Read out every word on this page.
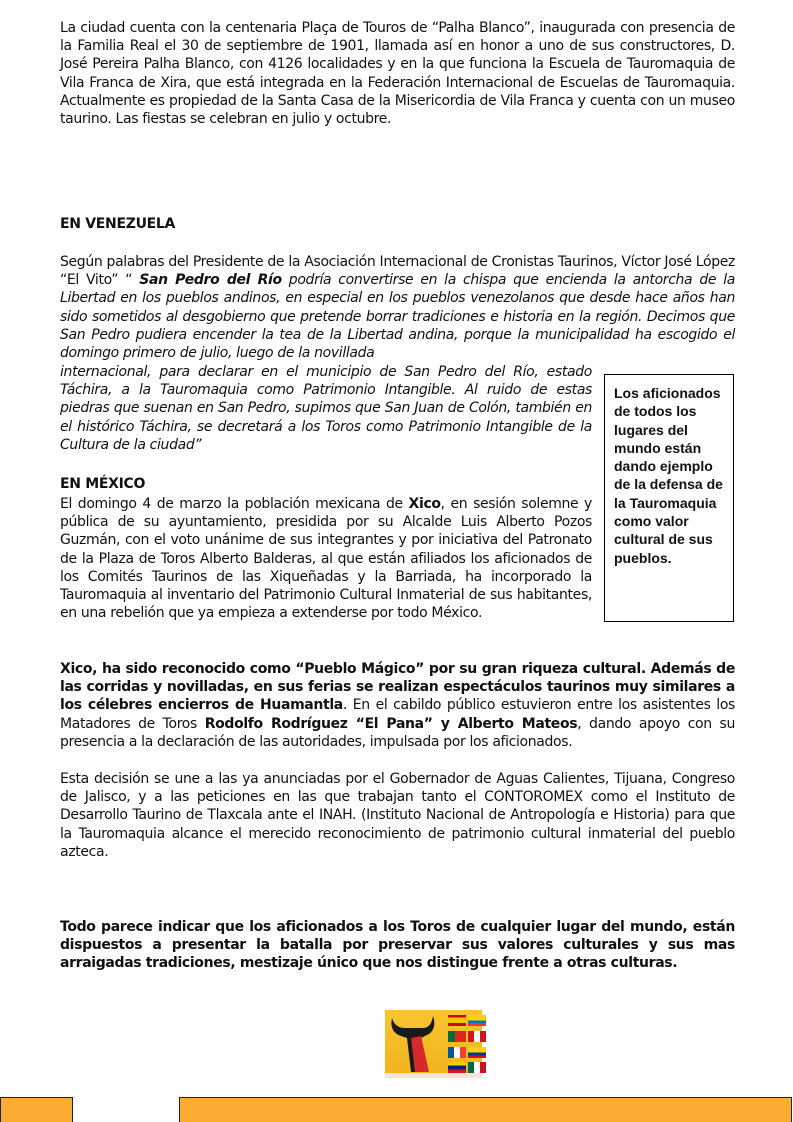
La ciudad cuenta con la centenaria Plaça de Touros de “Palha Blanco”, inaugurada con presencia de la Familia Real el 30 de septiembre de 1901, llamada así en honor a uno de sus constructores, D. José Pereira Palha Blanco, con 4126 localidades y en la que funciona la Escuela de Tauromaquia de Vila Franca de Xira, que está integrada en la Federación Internacional de Escuelas de Tauromaquia. Actualmente es propiedad de la Santa Casa de la Misericordia de Vila Franca y cuenta con un museo taurino. Las fiestas se celebran en julio y octubre.

EN VENEZUELA

Según palabras del Presidente de la Asociación Internacional de Cronistas Taurinos, Víctor José López “El Vito” “ San Pedro del Río podría convertirse en la chispa que encienda la antorcha de la Libertad en los pueblos andinos, en especial en los pueblos venezolanos que desde hace años han sido sometidos al desgobierno que pretende borrar tradiciones e historia en la región. Decimos que San Pedro pudiera encender la tea de la Libertad andina, porque la municipalidad ha escogido el domingo primero de julio, luego de la novillada

internacional, para declarar en el municipio de San Pedro del Río, estado Táchira, a la Tauromaquia como Patrimonio Intangible. Al ruido de estas piedras que suenan en San Pedro, supimos que San Juan de Colón, también en el histórico Táchira, se decretará a los Toros como Patrimonio Intangible de la Cultura de la ciudad”

Los aficionados de todos los lugares del mundo están dando ejemplo de la defensa de la Tauromaquia como valor cultural de sus pueblos.
EN MÉXICO

El domingo 4 de marzo la población mexicana de Xico, en sesión solemne y pública de su ayuntamiento, presidida por su Alcalde Luis Alberto Pozos Guzmán, con el voto unánime de sus integrantes y por iniciativa del Patronato de la Plaza de Toros Alberto Balderas, al que están afiliados los aficionados de los Comités Taurinos de las Xiqueñadas y la Barriada, ha incorporado la Tauromaquia al inventario del Patrimonio Cultural Inmaterial de sus habitantes, en una rebelión que ya empieza a extenderse por todo México.

Xico, ha sido reconocido como “Pueblo Mágico” por su gran riqueza cultural. Además de las corridas y novilladas, en sus ferias se realizan espectáculos taurinos muy similares a los célebres encierros de Huamantla. En el cabildo público estuvieron entre los asistentes los Matadores de Toros Rodolfo Rodríguez “El Pana” y Alberto Mateos, dando apoyo con su presencia a la declaración de las autoridades, impulsada por los aficionados.

Esta decisión se une a las ya anunciadas por el Gobernador de Aguas Calientes, Tijuana, Congreso de Jalisco, y a las peticiones en las que trabajan tanto el CONTOROMEX como el Instituto de Desarrollo Taurino de Tlaxcala ante el INAH. (Instituto Nacional de Antropología e Historia) para que la Tauromaquia alcance el merecido reconocimiento de patrimonio cultural inmaterial del pueblo azteca.

Todo parece indicar que los aficionados a los Toros de cualquier lugar del mundo, están dispuestos a presentar la batalla por preservar sus valores culturales y sus mas arraigadas tradiciones, mestizaje único que nos distingue frente a otras culturas.
